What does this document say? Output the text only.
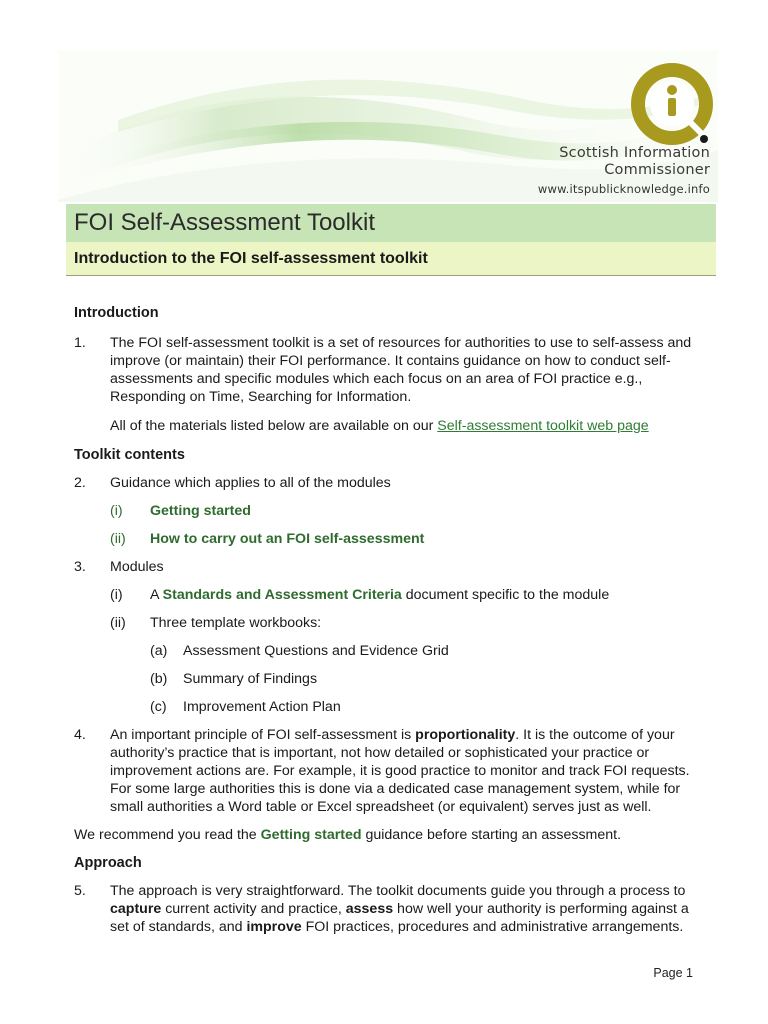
Scottish Information
Commissioner
www.itspublicknowledge.info
FOI Self-Assessment Toolkit
Introduction to the FOI self-assessment toolkit

Introduction

1.	The FOI self-assessment toolkit is a set of resources for authorities to use to self-assess and improve (or maintain) their FOI performance. It contains guidance on how to conduct self-assessments and specific modules which each focus on an area of FOI practice e.g., Responding on Time, Searching for Information.
All of the materials listed below are available on our Self-assessment toolkit web page

Toolkit contents

2.	Guidance which applies to all of the modules
(i)	Getting started
(ii)	How to carry out an FOI self-assessment
3.	Modules
(i)	A Standards and Assessment Criteria document specific to the module
(ii)	Three template workbooks:
(a)	Assessment Questions and Evidence Grid
(b)	Summary of Findings
(c)	Improvement Action Plan
4.	An important principle of FOI self-assessment is proportionality. It is the outcome of your authority’s practice that is important, not how detailed or sophisticated your practice or improvement actions are. For example, it is good practice to monitor and track FOI requests. For some large authorities this is done via a dedicated case management system, while for small authorities a Word table or Excel spreadsheet (or equivalent) serves just as well.
We recommend you read the Getting started guidance before starting an assessment.

Approach

5.	The approach is very straightforward. The toolkit documents guide you through a process to capture current activity and practice, assess how well your authority is performing against a set of standards, and improve FOI practices, procedures and administrative arrangements.
Page 1
